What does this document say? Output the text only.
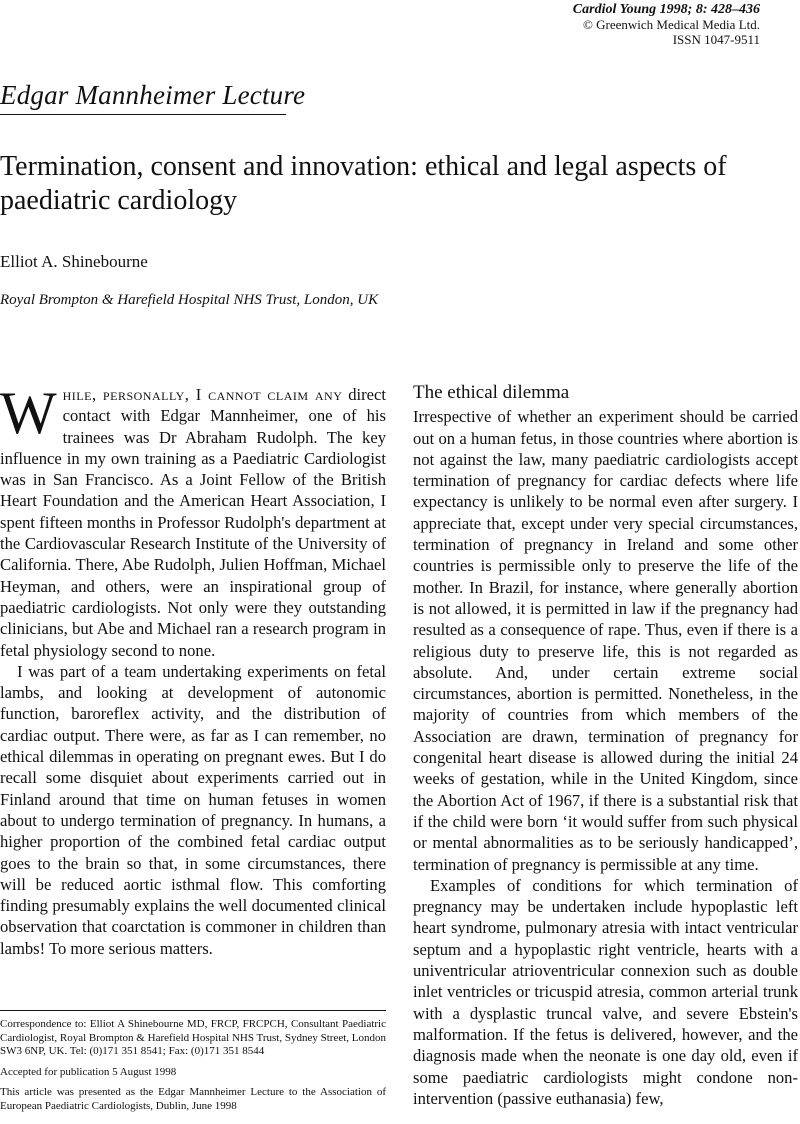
Cardiol Young 1998; 8: 428–436
© Greenwich Medical Media Ltd.
ISSN 1047-9511
Edgar Mannheimer Lecture
Termination, consent and innovation: ethical and legal aspects of paediatric cardiology
Elliot A. Shinebourne
Royal Brompton & Harefield Hospital NHS Trust, London, UK

While, personally, I cannot claim any direct contact with Edgar Mannheimer, one of his trainees was Dr Abraham Rudolph. The key influence in my own training as a Paediatric Cardiologist was in San Francisco. As a Joint Fellow of the British Heart Foundation and the American Heart Association, I spent fifteen months in Professor Rudolph's department at the Cardiovascular Research Institute of the University of California. There, Abe Rudolph, Julien Hoffman, Michael Heyman, and others, were an inspirational group of paediatric cardiologists. Not only were they outstanding clinicians, but Abe and Michael ran a research program in fetal physiology second to none.

I was part of a team undertaking experiments on fetal lambs, and looking at development of autonomic function, baroreflex activity, and the distribution of cardiac output. There were, as far as I can remember, no ethical dilemmas in operating on pregnant ewes. But I do recall some disquiet about experiments carried out in Finland around that time on human fetuses in women about to undergo termination of pregnancy. In humans, a higher proportion of the combined fetal cardiac output goes to the brain so that, in some circumstances, there will be reduced aortic isthmal flow. This comforting finding presumably explains the well documented clinical observation that coarctation is commoner in children than lambs! To more serious matters.

The ethical dilemma

Irrespective of whether an experiment should be carried out on a human fetus, in those countries where abortion is not against the law, many paediatric cardiologists accept termination of pregnancy for cardiac defects where life expectancy is unlikely to be normal even after surgery. I appreciate that, except under very special circumstances, termination of pregnancy in Ireland and some other countries is permissible only to preserve the life of the mother. In Brazil, for instance, where generally abortion is not allowed, it is permitted in law if the pregnancy had resulted as a consequence of rape. Thus, even if there is a religious duty to preserve life, this is not regarded as absolute. And, under certain extreme social circumstances, abortion is permitted. Nonetheless, in the majority of countries from which members of the Association are drawn, termination of pregnancy for congenital heart disease is allowed during the initial 24 weeks of gestation, while in the United Kingdom, since the Abortion Act of 1967, if there is a substantial risk that if the child were born ‘it would suffer from such physical or mental abnormalities as to be seriously handicapped’, termination of pregnancy is permissible at any time.

Examples of conditions for which termination of pregnancy may be undertaken include hypoplastic left heart syndrome, pulmonary atresia with intact ventricular septum and a hypoplastic right ventricle, hearts with a univentricular atrioventricular connexion such as double inlet ventricles or tricuspid atresia, common arterial trunk with a dysplastic truncal valve, and severe Ebstein's malformation. If the fetus is delivered, however, and the diagnosis made when the neonate is one day old, even if some paediatric cardiologists might condone non-intervention (passive euthanasia) few,

Correspondence to: Elliot A Shinebourne MD, FRCP, FRCPCH, Consultant Paediatric Cardiologist, Royal Brompton & Harefield Hospital NHS Trust, Sydney Street, London SW3 6NP, UK. Tel: (0)171 351 8541; Fax: (0)171 351 8544

Accepted for publication 5 August 1998

This article was presented as the Edgar Mannheimer Lecture to the Association of European Paediatric Cardiologists, Dublin, June 1998
